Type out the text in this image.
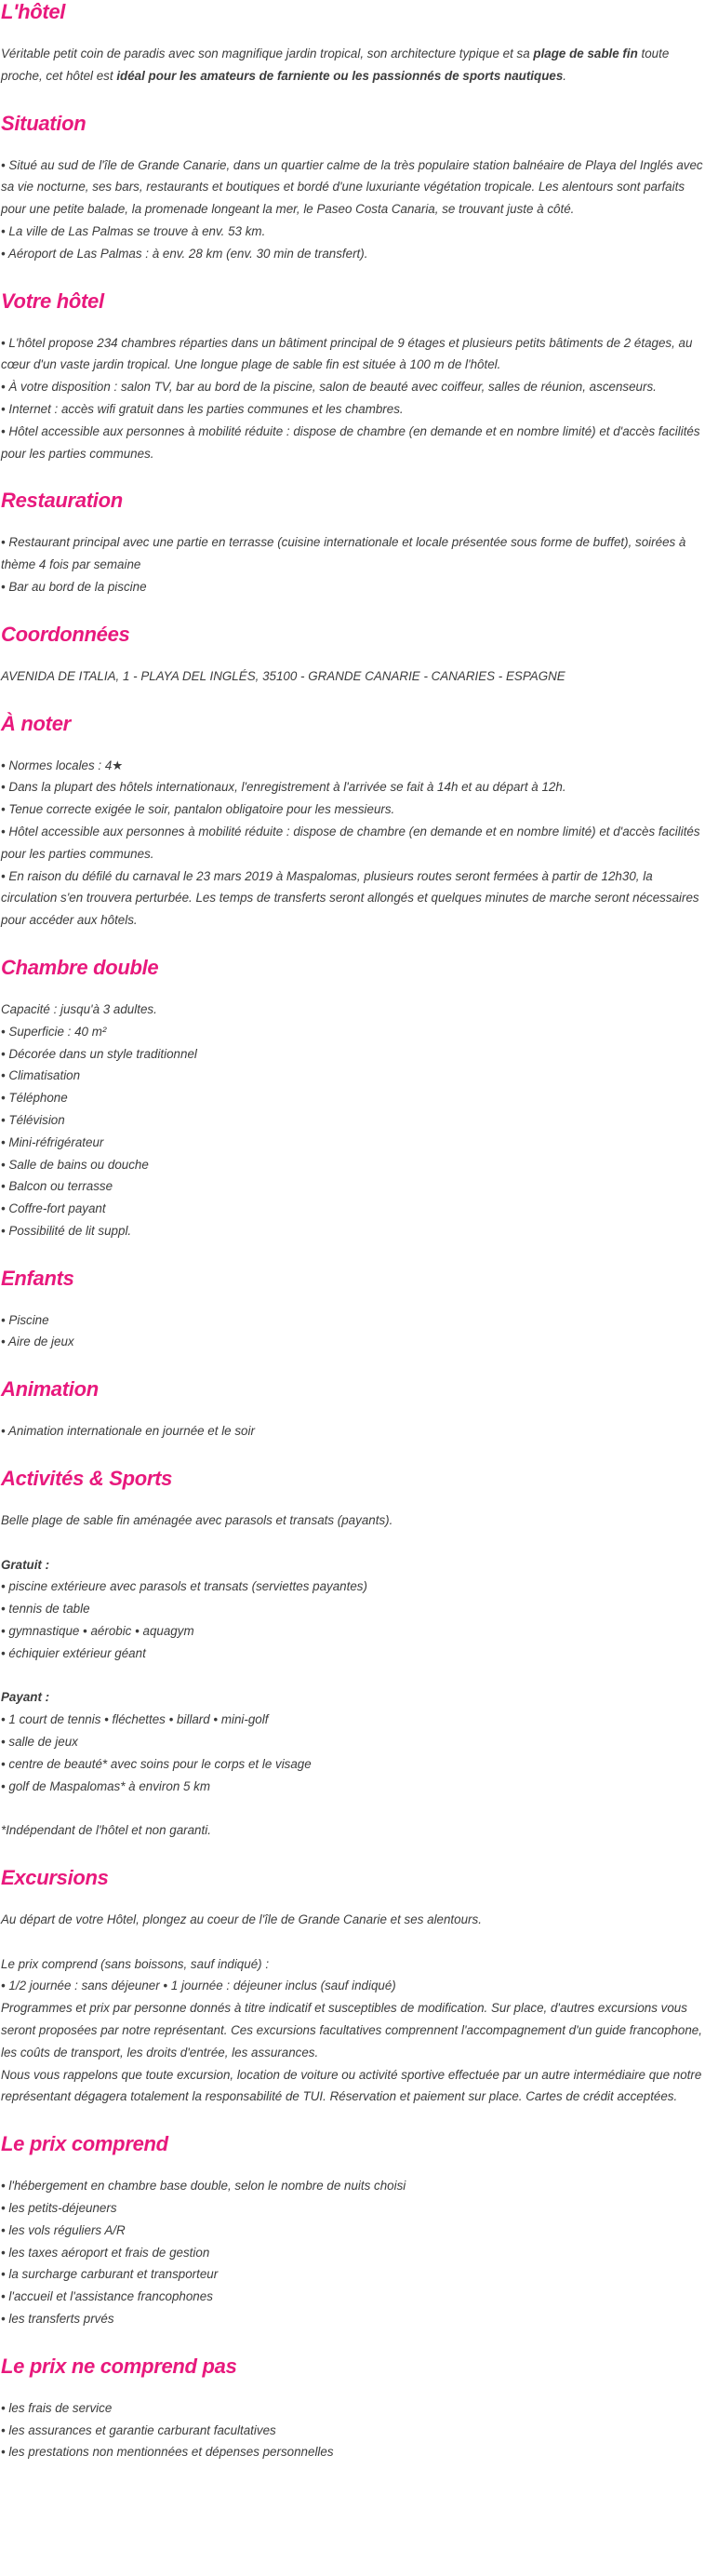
L'hôtel
Véritable petit coin de paradis avec son magnifique jardin tropical, son architecture typique et sa plage de sable fin toute proche, cet hôtel est idéal pour les amateurs de farniente ou les passionnés de sports nautiques.
Situation
• Situé au sud de l'île de Grande Canarie, dans un quartier calme de la très populaire station balnéaire de Playa del Inglés avec sa vie nocturne, ses bars, restaurants et boutiques et bordé d'une luxuriante végétation tropicale. Les alentours sont parfaits pour une petite balade, la promenade longeant la mer, le Paseo Costa Canaria, se trouvant juste à côté.
• La ville de Las Palmas se trouve à env. 53 km.
• Aéroport de Las Palmas : à env. 28 km (env. 30 min de transfert).
Votre hôtel
• L'hôtel propose 234 chambres réparties dans un bâtiment principal de 9 étages et plusieurs petits bâtiments de 2 étages, au cœur d'un vaste jardin tropical. Une longue plage de sable fin est située à 100 m de l'hôtel.
• À votre disposition : salon TV, bar au bord de la piscine, salon de beauté avec coiffeur, salles de réunion, ascenseurs.
• Internet : accès wifi gratuit dans les parties communes et les chambres.
• Hôtel accessible aux personnes à mobilité réduite : dispose de chambre (en demande et en nombre limité) et d'accès facilités pour les parties communes.
Restauration
• Restaurant principal avec une partie en terrasse (cuisine internationale et locale présentée sous forme de buffet), soirées à thème 4 fois par semaine
• Bar au bord de la piscine
Coordonnées
AVENIDA DE ITALIA, 1 - PLAYA DEL INGLÉS, 35100 - GRANDE CANARIE - CANARIES - ESPAGNE
À noter
• Normes locales : 4★
• Dans la plupart des hôtels internationaux, l'enregistrement à l'arrivée se fait à 14h et au départ à 12h.
• Tenue correcte exigée le soir, pantalon obligatoire pour les messieurs.
• Hôtel accessible aux personnes à mobilité réduite : dispose de chambre (en demande et en nombre limité) et d'accès facilités pour les parties communes.
• En raison du défilé du carnaval le 23 mars 2019 à Maspalomas, plusieurs routes seront fermées à partir de 12h30, la circulation s'en trouvera perturbée. Les temps de transferts seront allongés et quelques minutes de marche seront nécessaires pour accéder aux hôtels.
Chambre double
Capacité : jusqu'à 3 adultes.
• Superficie : 40 m²
• Décorée dans un style traditionnel
• Climatisation
• Téléphone
• Télévision
• Mini-réfrigérateur
• Salle de bains ou douche
• Balcon ou terrasse
• Coffre-fort payant
• Possibilité de lit suppl.
Enfants
• Piscine
• Aire de jeux
Animation
• Animation internationale en journée et le soir
Activités & Sports
Belle plage de sable fin aménagée avec parasols et transats (payants).
Gratuit :
• piscine extérieure avec parasols et transats (serviettes payantes)
• tennis de table
• gymnastique • aérobic • aquagym
• échiquier extérieur géant
Payant :
• 1 court de tennis • fléchettes • billard • mini-golf
• salle de jeux
• centre de beauté* avec soins pour le corps et le visage
• golf de Maspalomas* à environ 5 km
*Indépendant de l'hôtel et non garanti.
Excursions
Au départ de votre Hôtel, plongez au coeur de l'île de Grande Canarie et ses alentours.
Le prix comprend (sans boissons, sauf indiqué) :
• 1/2 journée : sans déjeuner • 1 journée : déjeuner inclus (sauf indiqué)
Programmes et prix par personne donnés à titre indicatif et susceptibles de modification. Sur place, d'autres excursions vous seront proposées par notre représentant. Ces excursions facultatives comprennent l'accompagnement d'un guide francophone, les coûts de transport, les droits d'entrée, les assurances.
Nous vous rappelons que toute excursion, location de voiture ou activité sportive effectuée par un autre intermédiaire que notre représentant dégagera totalement la responsabilité de TUI. Réservation et paiement sur place. Cartes de crédit acceptées.
Le prix comprend
• l'hébergement en chambre base double, selon le nombre de nuits choisi
• les petits-déjeuners
• les vols réguliers A/R
• les taxes aéroport et frais de gestion
• la surcharge carburant et transporteur
• l'accueil et l'assistance francophones
• les transferts prvés
Le prix ne comprend pas
• les frais de service
• les assurances et garantie carburant facultatives
• les prestations non mentionnées et dépenses personnelles
